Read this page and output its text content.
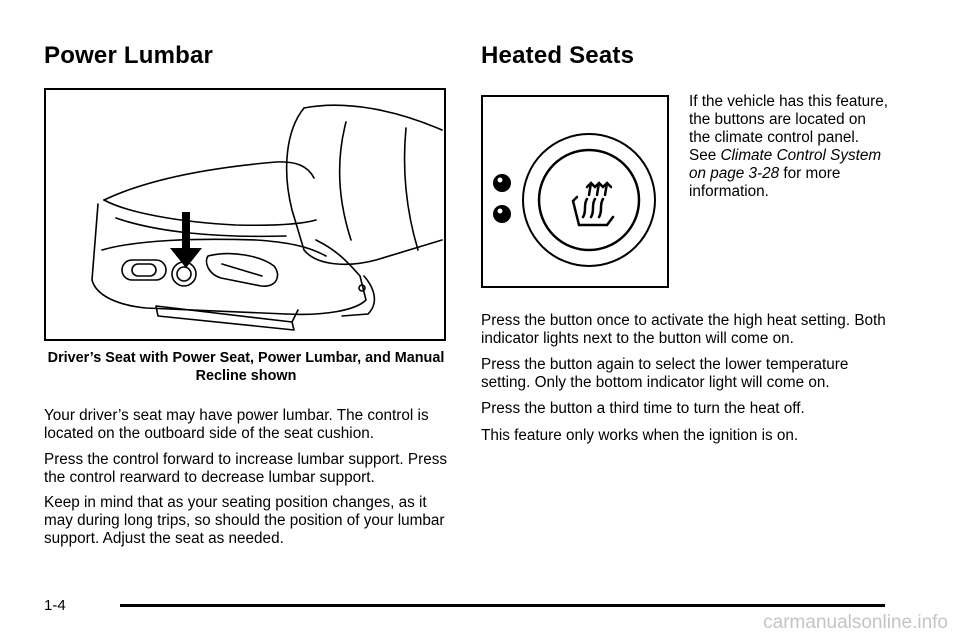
Power Lumbar

Driver’s Seat with Power Seat, Power Lumbar, and Manual Recline shown

Your driver’s seat may have power lumbar. The control is located on the outboard side of the seat cushion.

Press the control forward to increase lumbar support. Press the control rearward to decrease lumbar support.

Keep in mind that as your seating position changes, as it may during long trips, so should the position of your lumbar support. Adjust the seat as needed.

Heated Seats

If the vehicle has this feature, the buttons are located on the climate control panel. See Climate Control System on page 3-28 for more information.

Press the button once to activate the high heat setting. Both indicator lights next to the button will come on.

Press the button again to select the lower temperature setting. Only the bottom indicator light will come on.

Press the button a third time to turn the heat off.

This feature only works when the ignition is on.

1-4

carmanualsonline.info
